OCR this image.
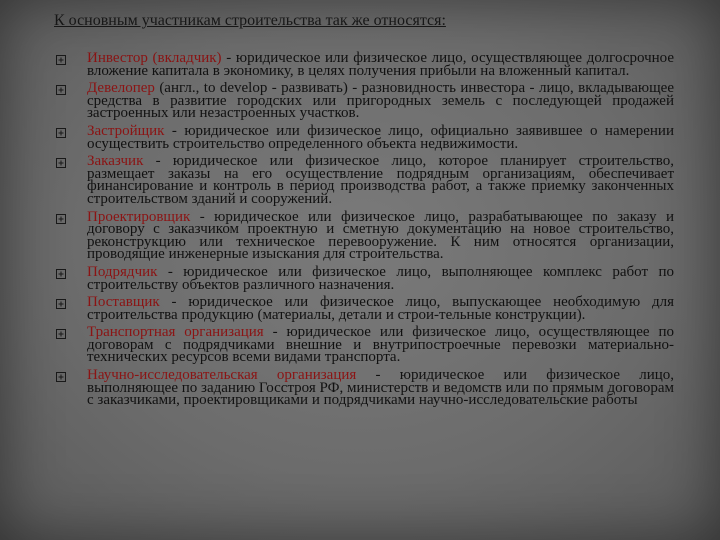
К основным участникам строительства так же относятся:
Инвестор (вкладчик) - юридическое или физическое лицо, осуществляющее долгосрочное вложение капитала в экономику, в целях получения прибыли на вложенный капитал.
Девелопер (англ., to develop - развивать) - разновидность инвестора - лицо, вкладывающее средства в развитие городских или пригородных земель с последующей продажей застроенных или незастроенных участков.
Застройщик - юридическое или физическое лицо, официально заявившее о намерении осуществить строительство определенного объекта недвижимости.
Заказчик - юридическое или физическое лицо, которое планирует строительство, размещает заказы на его осуществление подрядным организациям, обеспечивает финансирование и контроль в период производства работ, а также приемку законченных строительством зданий и сооружений.
Проектировщик - юридическое или физическое лицо, разрабатывающее по заказу и договору с заказчиком проектную и сметную документацию на новое строительство, реконструкцию или техническое перевооружение. К ним относятся организации, проводящие инженерные изыскания для строительства.
Подрядчик - юридическое или физическое лицо, выполняющее комплекс работ по строительству объектов различного назначения.
Поставщик - юридическое или физическое лицо, выпускающее необходимую для строительства продукцию (материалы, детали и строи-тельные конструкции).
Транспортная организация - юридическое или физическое лицо, осуществляющее по договорам с подрядчиками внешние и внутрипостроечные перевозки материально-технических ресурсов всеми видами транспорта.
Научно-исследовательская организация - юридическое или физическое лицо, выполняющее по заданию Госстроя РФ, министерств и ведомств или по прямым договорам с заказчиками, проектировщиками и подрядчиками научно-исследовательские работы
